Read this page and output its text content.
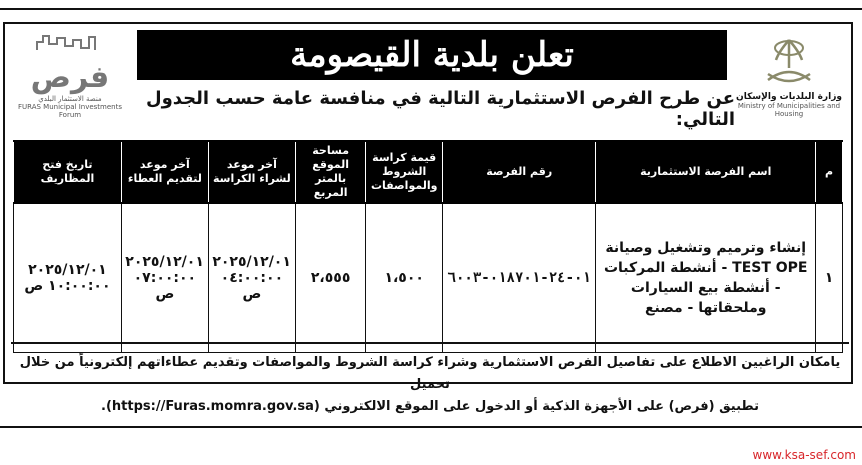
وزارة البلديات والإسكان
Ministry of Municipalities and Housing
فرص
منصة الاستثمار البلدي
FURAS Municipal Investments Forum
تعلن بلدية القيصومة
عن طرح الفرص الاستثمارية التالية في منافسة عامة حسب الجدول التالي:
م	اسم الفرصة الاستثمارية	رقم الفرصة	قيمة كراسة الشروط والمواصفات	مساحة الموقع بالمتر المربع	آخر موعد لشراء الكراسة	آخر موعد لتقديم العطاء	تاريخ فتح المظاريف
١	إنشاء وترميم وتشغيل وصيانة TEST OPE - أنشطة المركبات - أنشطة بيع السيارات وملحقاتها - مصنع	٠١-٢٤-٠١٨٧٠١-٦٠٠٣	١،٥٠٠	٢،٥٥٥	٢٠٢٥/١٢/٠١ ٠٤:٠٠:٠٠ ص	٢٠٢٥/١٢/٠١ ٠٧:٠٠:٠٠ ص	٢٠٢٥/١٢/٠١ ١٠:٠٠:٠٠ ص
يامكان الراغبين الاطلاع على تفاصيل الفرص الاستثمارية وشراء كراسة الشروط والمواصفات وتقديم عطاءاتهم إلكترونياً من خلال تحميل
تطبيق (فرص) على الأجهزة الذكية أو الدخول على الموقع الالكتروني (https://Furas.momra.gov.sa).
www.ksa-sef.com
